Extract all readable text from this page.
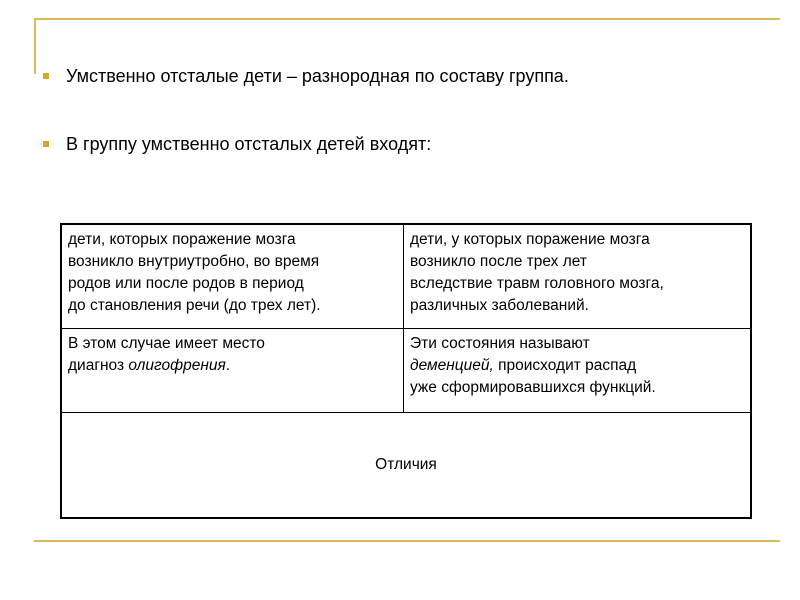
Умственно отсталые дети – разнородная по составу группа.
В группу умственно отсталых детей входят:
дети, которых поражение мозга
возникло внутриутробно, во время
родов или после родов в период
до становления речи (до трех лет).
дети, у которых поражение мозга
возникло после трех лет
вследствие травм головного мозга,
различных заболеваний.
В этом случае имеет место
диагноз олигофрения.
Эти состояния называют
деменцией, происходит распад
уже сформировавшихся функций.
Отличия
